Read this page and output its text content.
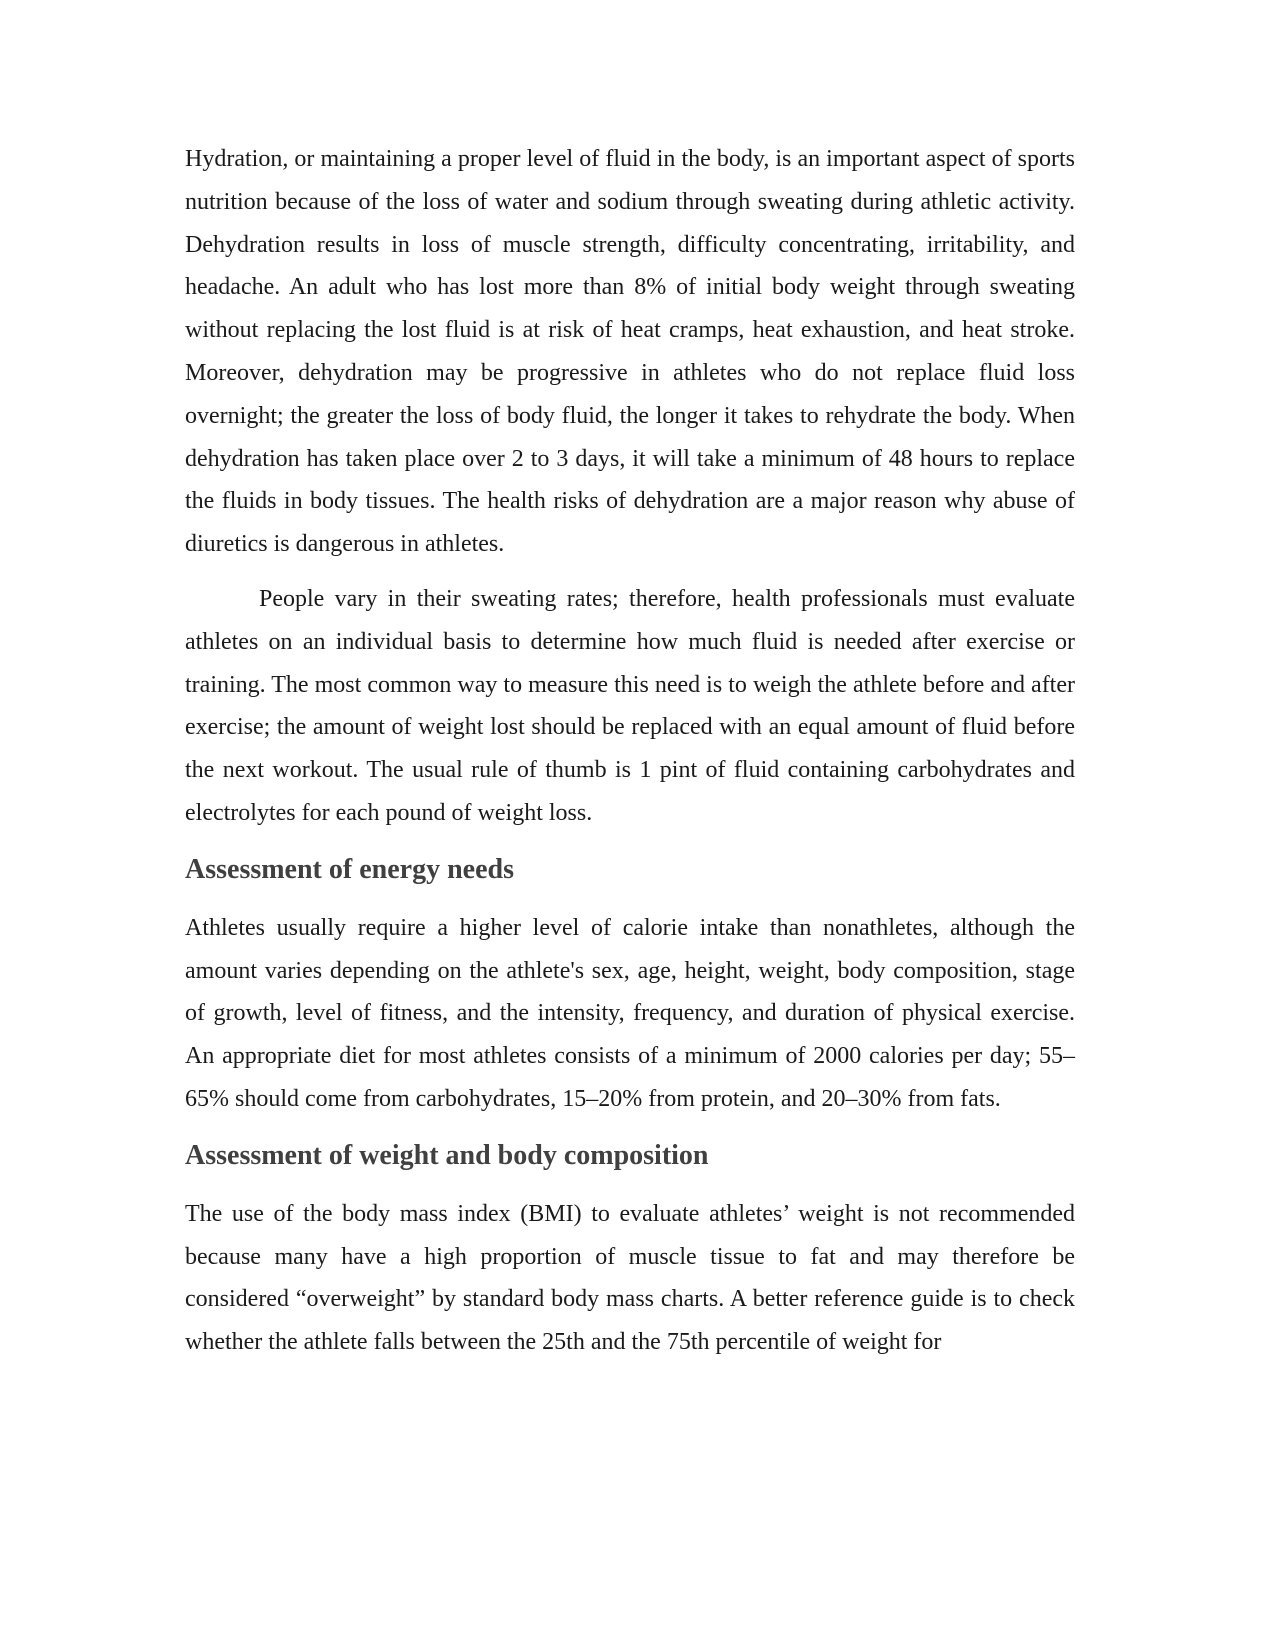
Hydration, or maintaining a proper level of fluid in the body, is an important aspect of sports nutrition because of the loss of water and sodium through sweating during athletic activity. Dehydration results in loss of muscle strength, difficulty concentrating, irritability, and headache. An adult who has lost more than 8% of initial body weight through sweating without replacing the lost fluid is at risk of heat cramps, heat exhaustion, and heat stroke. Moreover, dehydration may be progressive in athletes who do not replace fluid loss overnight; the greater the loss of body fluid, the longer it takes to rehydrate the body. When dehydration has taken place over 2 to 3 days, it will take a minimum of 48 hours to replace the fluids in body tissues. The health risks of dehydration are a major reason why abuse of diuretics is dangerous in athletes.

People vary in their sweating rates; therefore, health professionals must evaluate athletes on an individual basis to determine how much fluid is needed after exercise or training. The most common way to measure this need is to weigh the athlete before and after exercise; the amount of weight lost should be replaced with an equal amount of fluid before the next workout. The usual rule of thumb is 1 pint of fluid containing carbohydrates and electrolytes for each pound of weight loss.

Assessment of energy needs

Athletes usually require a higher level of calorie intake than nonathletes, although the amount varies depending on the athlete's sex, age, height, weight, body composition, stage of growth, level of fitness, and the intensity, frequency, and duration of physical exercise. An appropriate diet for most athletes consists of a minimum of 2000 calories per day; 55–65% should come from carbohydrates, 15–20% from protein, and 20–30% from fats.

Assessment of weight and body composition

The use of the body mass index (BMI) to evaluate athletes’ weight is not recommended because many have a high proportion of muscle tissue to fat and may therefore be considered “overweight” by standard body mass charts. A better reference guide is to check whether the athlete falls between the 25th and the 75th percentile of weight for
